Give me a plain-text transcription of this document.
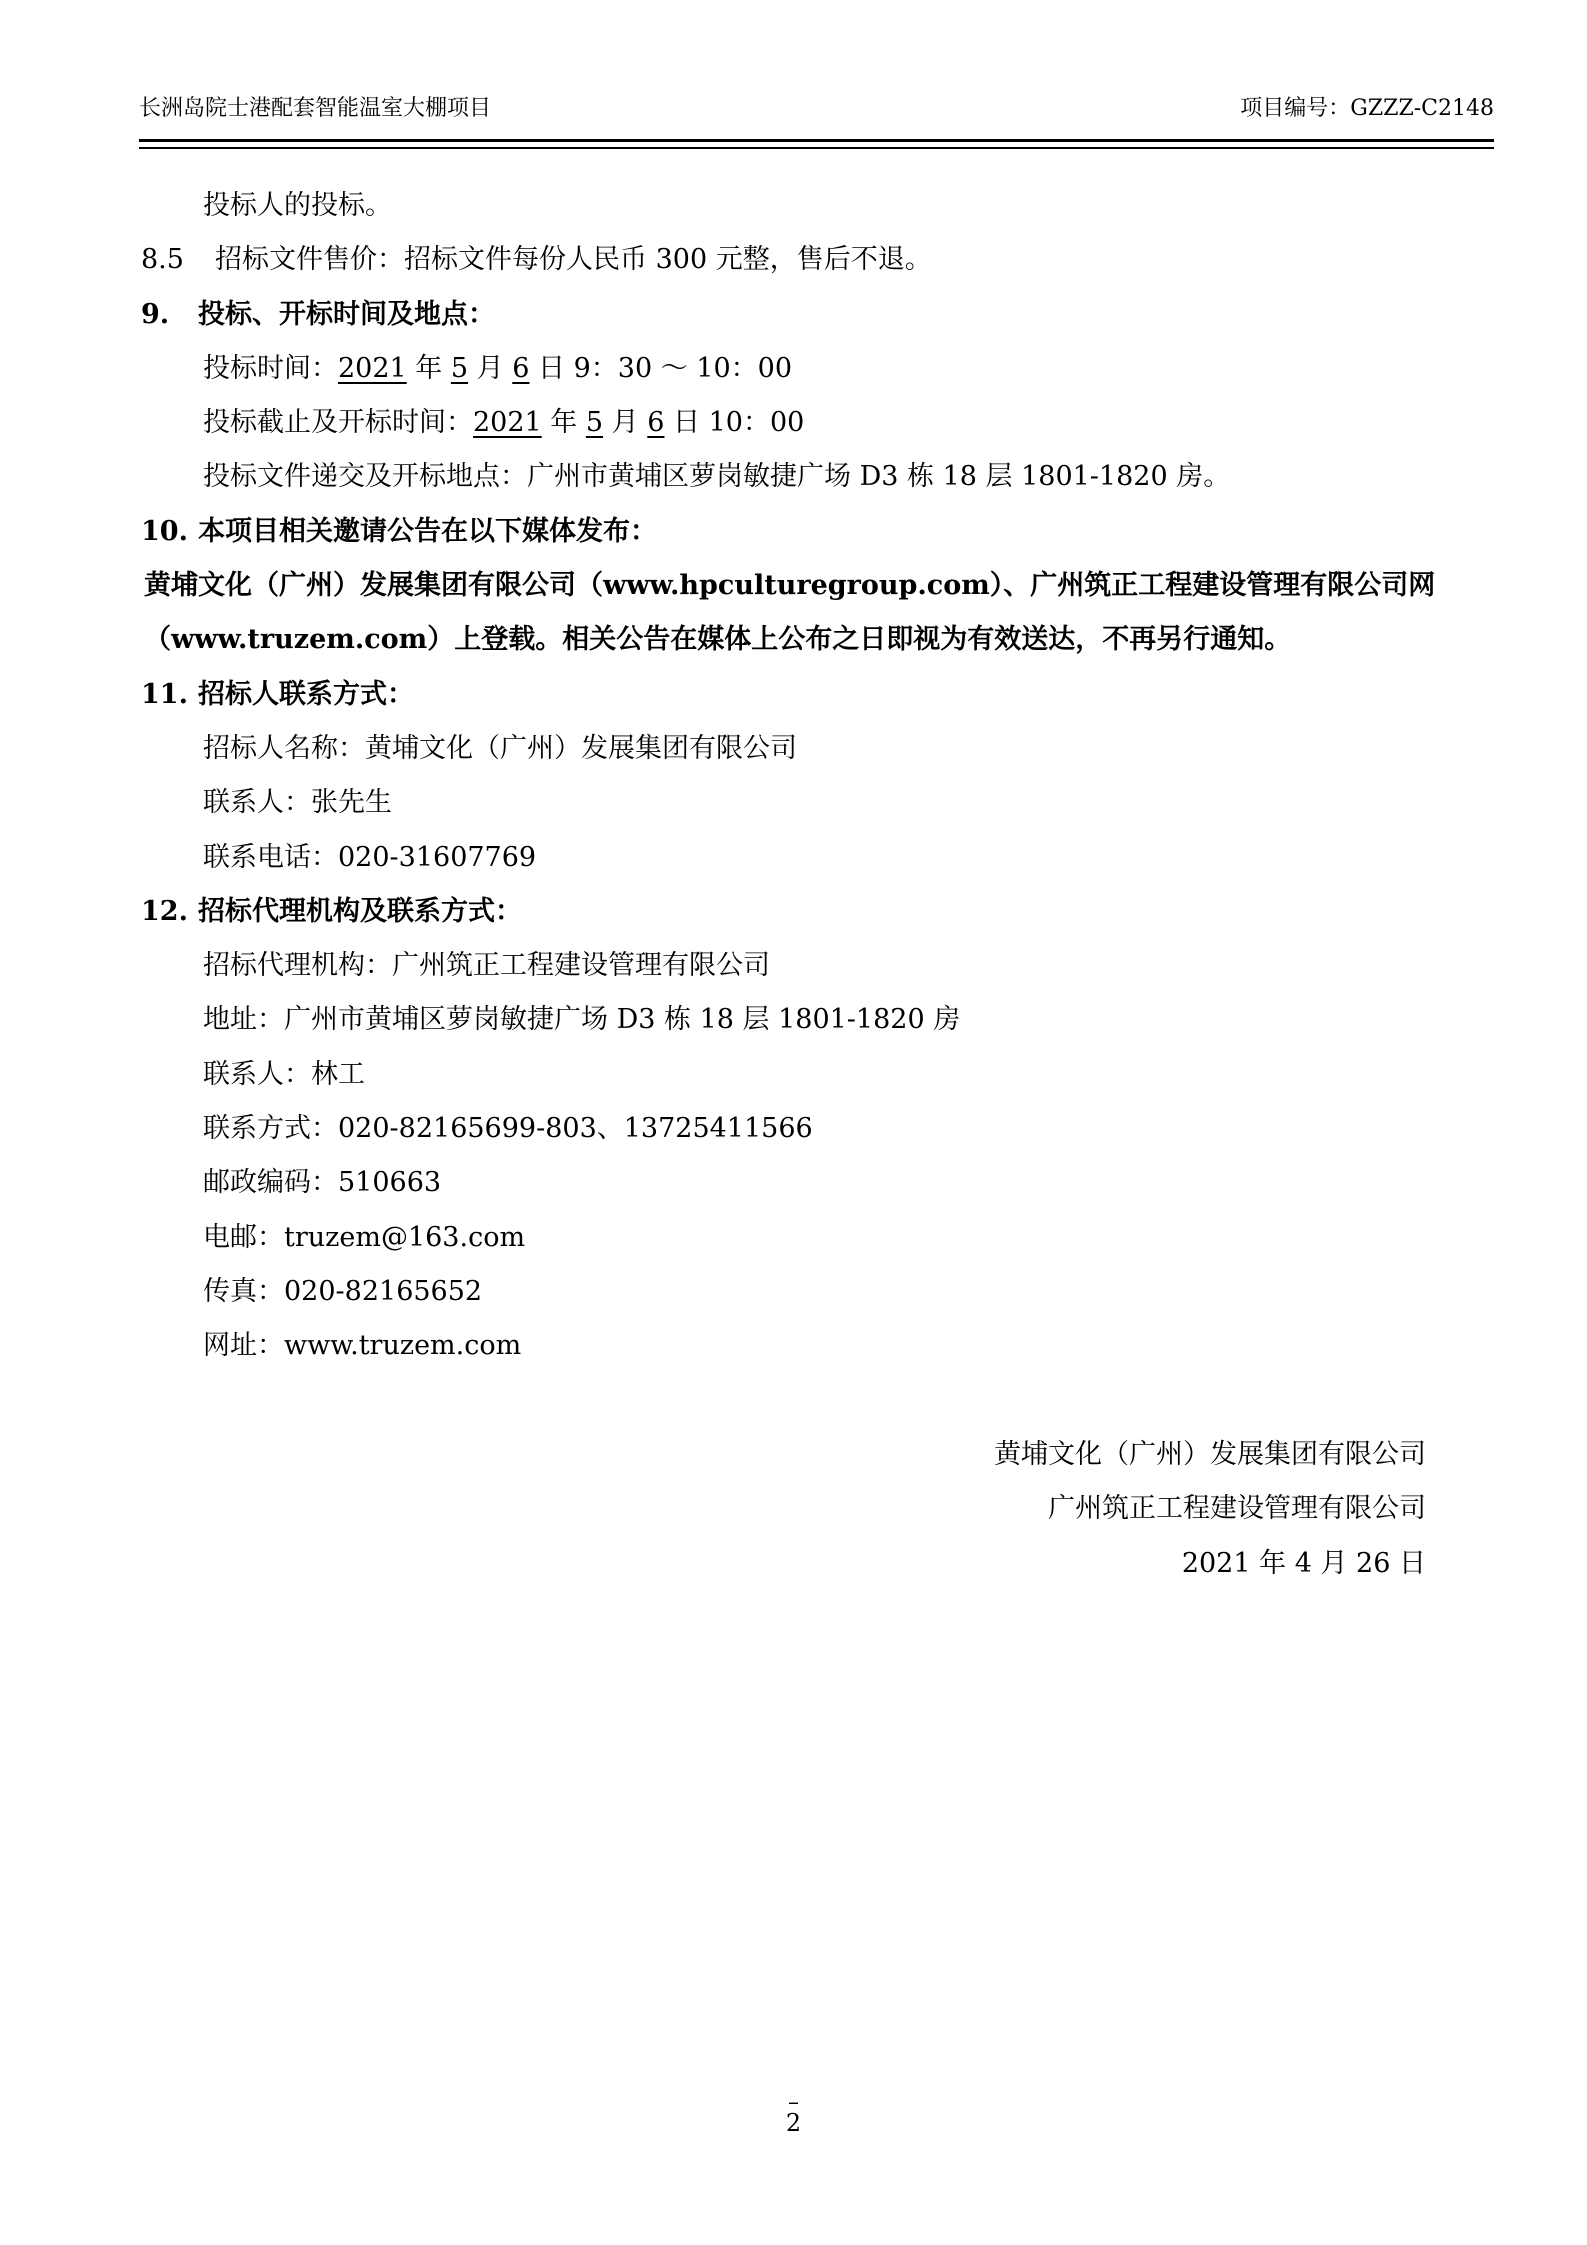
长洲岛院士港配套智能温室大棚项目	项目编号：GZZZ-C2148
投标人的投标。
8.5 招标文件售价：招标文件每份人民币 300 元整，售后不退。
9. 投标、开标时间及地点：
投标时间：2021 年 5 月 6 日 9：30 ～ 10：00
投标截止及开标时间：2021 年 5 月 6 日 10：00
投标文件递交及开标地点：广州市黄埔区萝岗敏捷广场 D3 栋 18 层 1801-1820 房。
10. 本项目相关邀请公告在以下媒体发布：
黄埔文化（广州）发展集团有限公司（www.hpculturegroup.com）、广州筑正工程建设管理有限公司网
（www.truzem.com）上登载。相关公告在媒体上公布之日即视为有效送达，不再另行通知。
11. 招标人联系方式：
招标人名称：黄埔文化（广州）发展集团有限公司
联系人：张先生
联系电话：020-31607769
12. 招标代理机构及联系方式：
招标代理机构：广州筑正工程建设管理有限公司
地址：广州市黄埔区萝岗敏捷广场 D3 栋 18 层 1801-1820 房
联系人：林工
联系方式：020-82165699-803、13725411566
邮政编码：510663
电邮：truzem@163.com
传真：020-82165652
网址：www.truzem.com
黄埔文化（广州）发展集团有限公司
广州筑正工程建设管理有限公司
2021 年 4 月 26 日
–
2
